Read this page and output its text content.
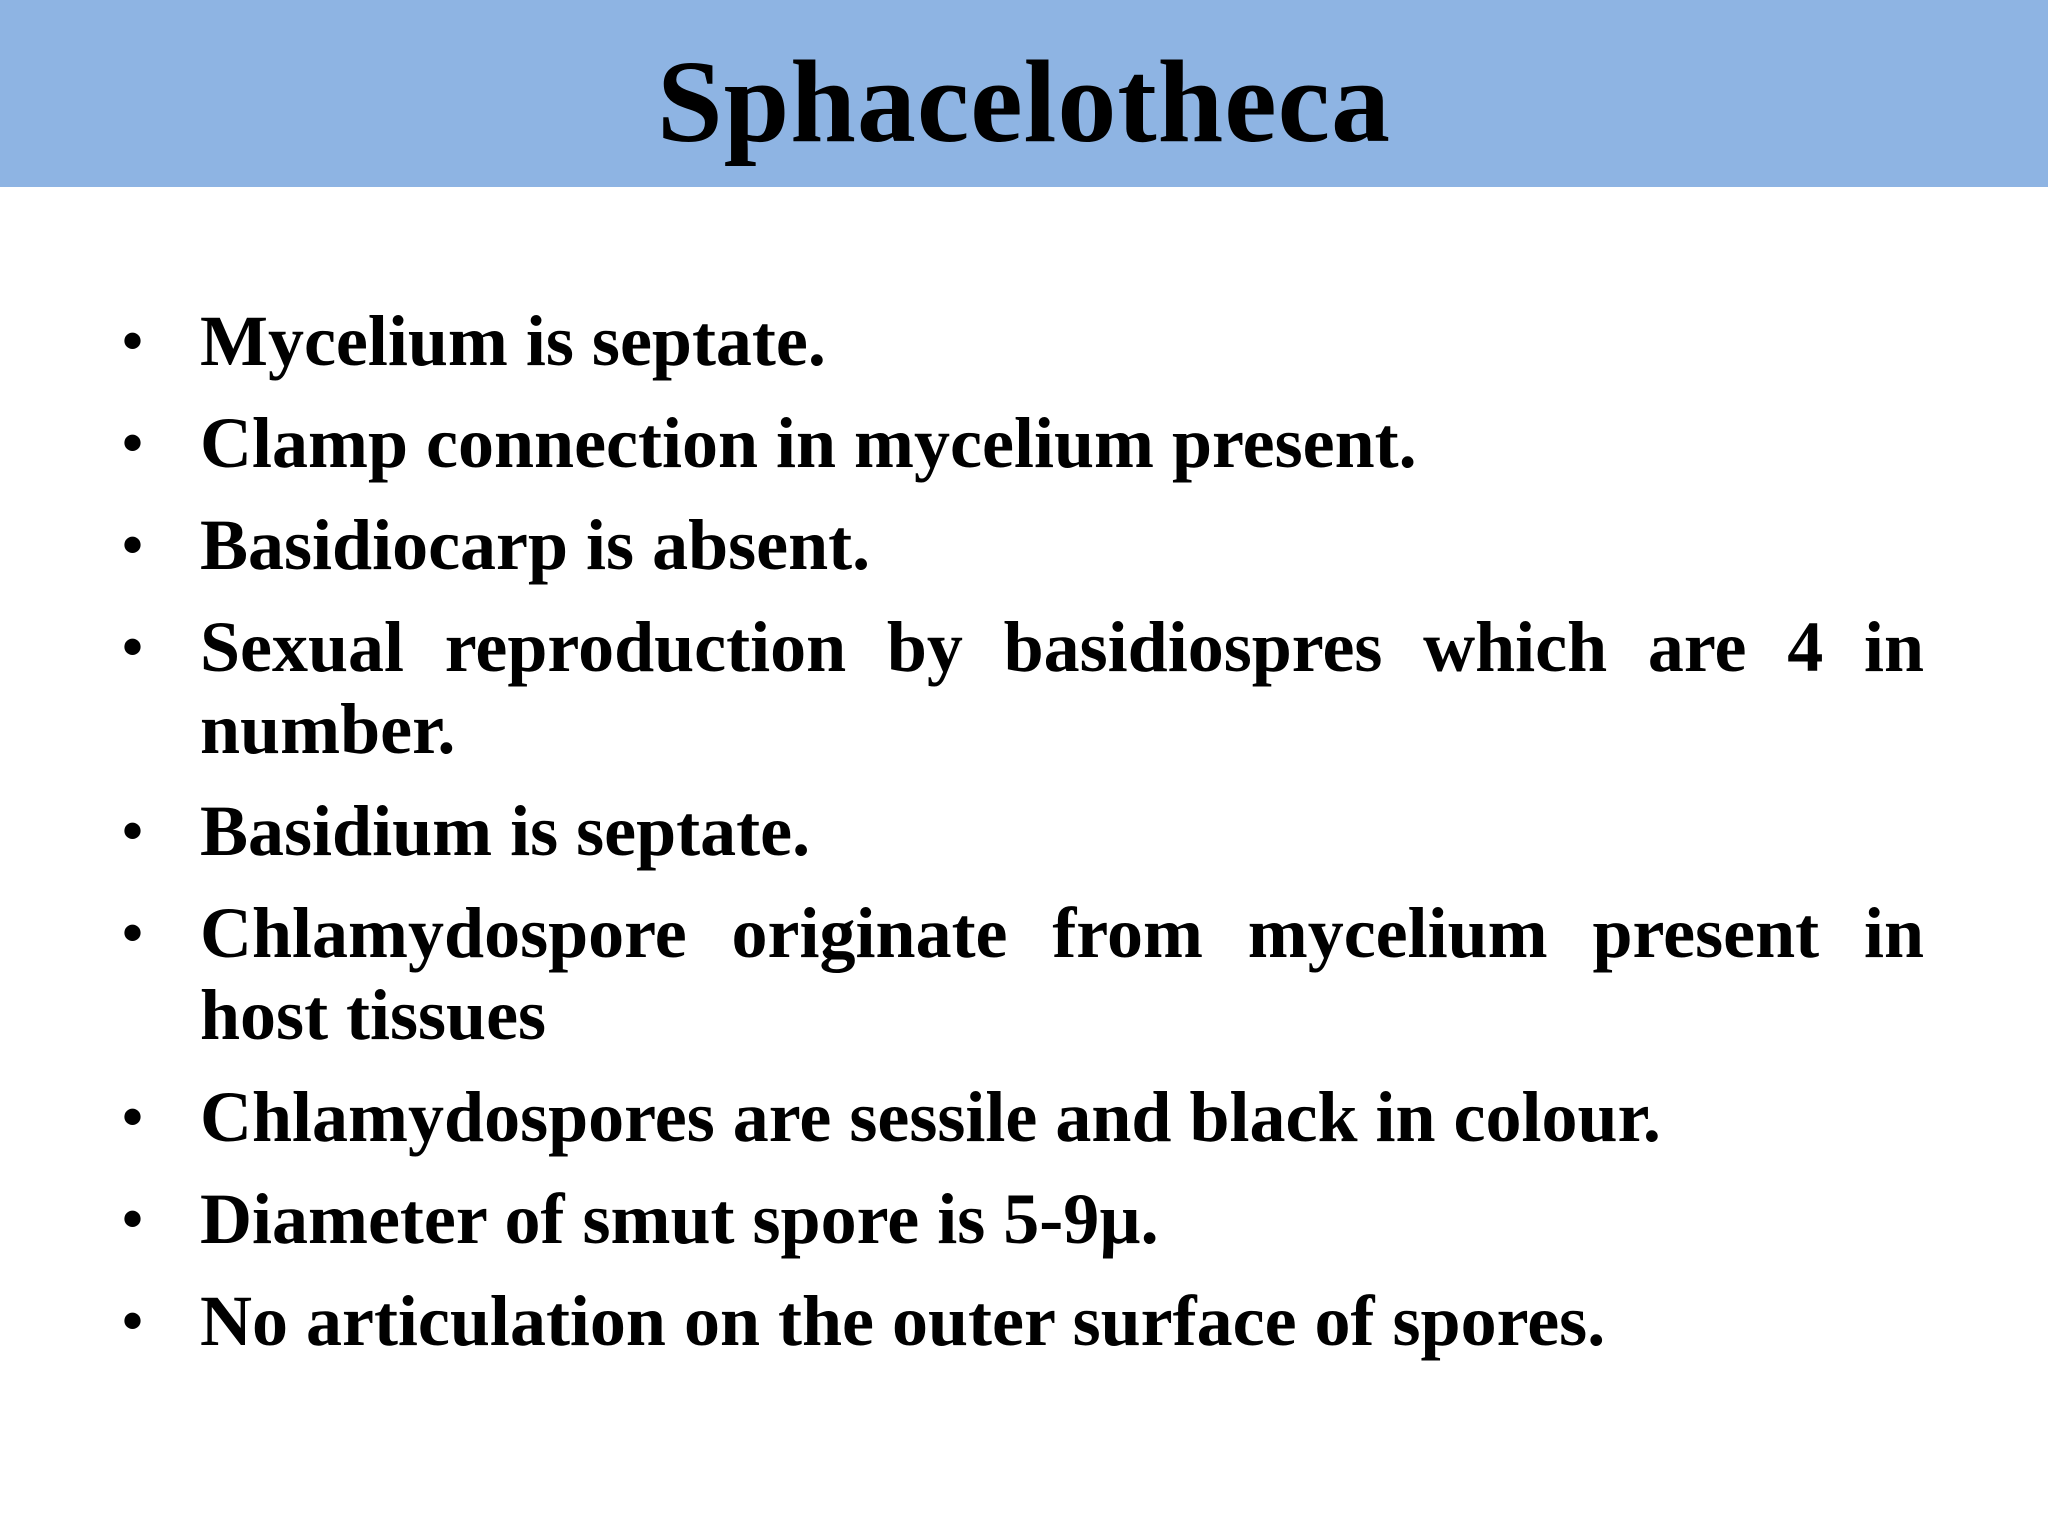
Sphacelotheca
• Mycelium is septate.
• Clamp connection in mycelium present.
• Basidiocarp is absent.
• Sexual reproduction by basidiospres which are 4 in number.
• Basidium is septate.
• Chlamydospore originate from mycelium present in host tissues
• Chlamydospores are sessile and black in colour.
• Diameter of smut spore is 5-9µ.
• No articulation on the outer surface of spores.
